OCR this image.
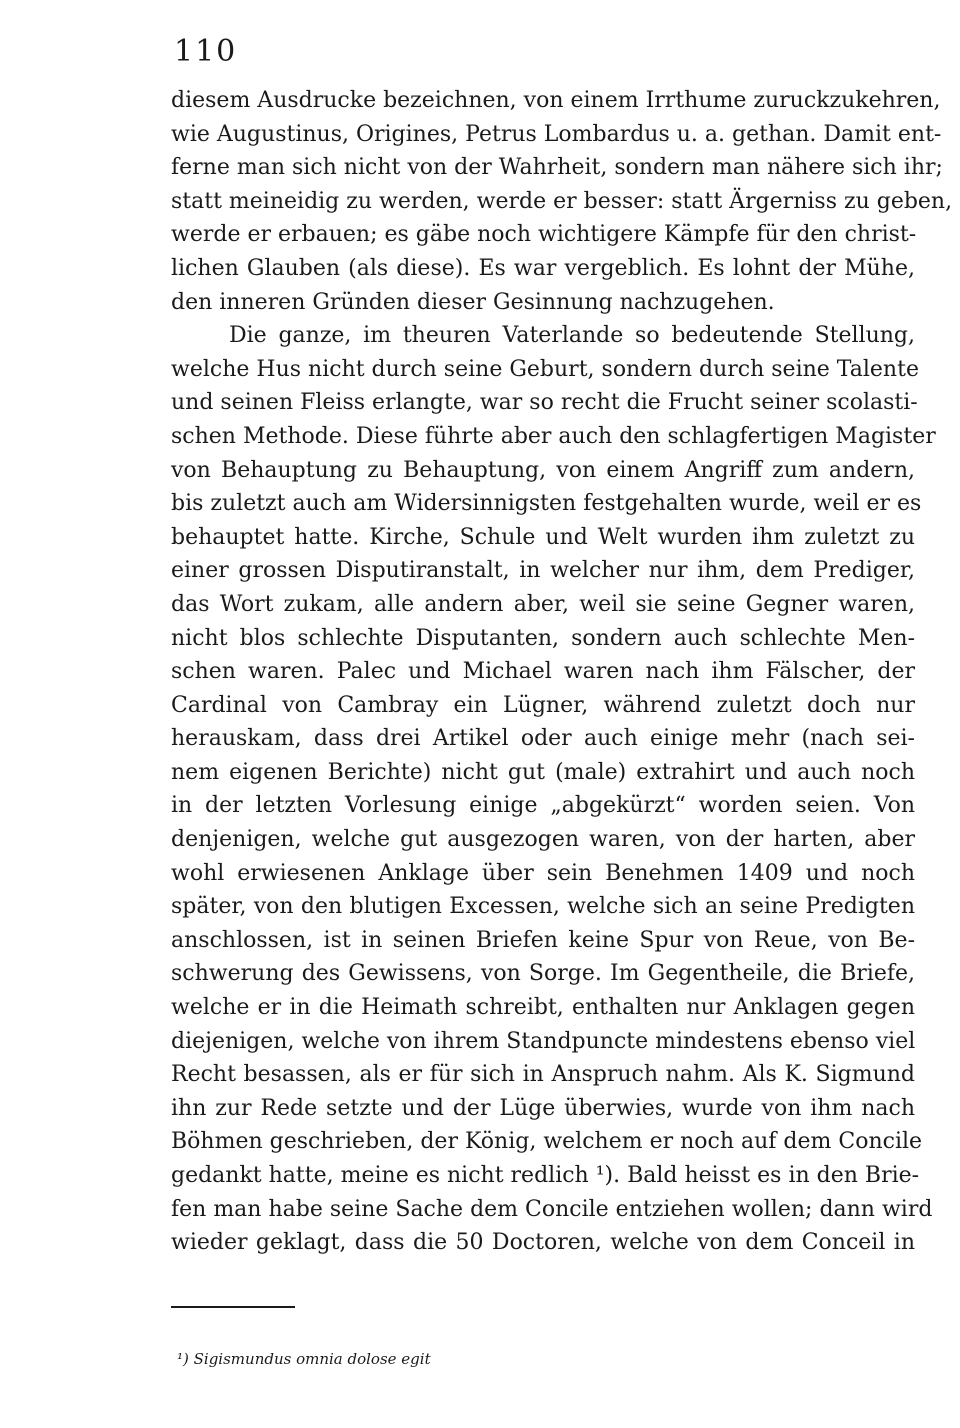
110
diesem Ausdrucke bezeichnen, von einem Irrthume zuruckzukehren,
wie Augustinus, Origines, Petrus Lombardus u. a. gethan. Damit ent-
ferne man sich nicht von der Wahrheit, sondern man nähere sich ihr;
statt meineidig zu werden, werde er besser: statt Ärgerniss zu geben,
werde er erbauen; es gäbe noch wichtigere Kämpfe für den christ-
lichen Glauben (als diese). Es war vergeblich. Es lohnt der Mühe,
den inneren Gründen dieser Gesinnung nachzugehen.
Die ganze, im theuren Vaterlande so bedeutende Stellung,
welche Hus nicht durch seine Geburt, sondern durch seine Talente
und seinen Fleiss erlangte, war so recht die Frucht seiner scolasti-
schen Methode. Diese führte aber auch den schlagfertigen Magister
von Behauptung zu Behauptung, von einem Angriff zum andern,
bis zuletzt auch am Widersinnigsten festgehalten wurde, weil er es
behauptet hatte. Kirche, Schule und Welt wurden ihm zuletzt zu
einer grossen Disputiranstalt, in welcher nur ihm, dem Prediger,
das Wort zukam, alle andern aber, weil sie seine Gegner waren,
nicht blos schlechte Disputanten, sondern auch schlechte Men-
schen waren. Palec und Michael waren nach ihm Fälscher, der
Cardinal von Cambray ein Lügner, während zuletzt doch nur
herauskam, dass drei Artikel oder auch einige mehr (nach sei-
nem eigenen Berichte) nicht gut (male) extrahirt und auch noch
in der letzten Vorlesung einige „abgekürzt“ worden seien. Von
denjenigen, welche gut ausgezogen waren, von der harten, aber
wohl erwiesenen Anklage über sein Benehmen 1409 und noch
später, von den blutigen Excessen, welche sich an seine Predigten
anschlossen, ist in seinen Briefen keine Spur von Reue, von Be-
schwerung des Gewissens, von Sorge. Im Gegentheile, die Briefe,
welche er in die Heimath schreibt, enthalten nur Anklagen gegen
diejenigen, welche von ihrem Standpuncte mindestens ebenso viel
Recht besassen, als er für sich in Anspruch nahm. Als K. Sigmund
ihn zur Rede setzte und der Lüge überwies, wurde von ihm nach
Böhmen geschrieben, der König, welchem er noch auf dem Concile
gedankt hatte, meine es nicht redlich ¹). Bald heisst es in den Brie-
fen man habe seine Sache dem Concile entziehen wollen; dann wird
wieder geklagt, dass die 50 Doctoren, welche von dem Conceil in
¹) Sigismundus omnia dolose egit
